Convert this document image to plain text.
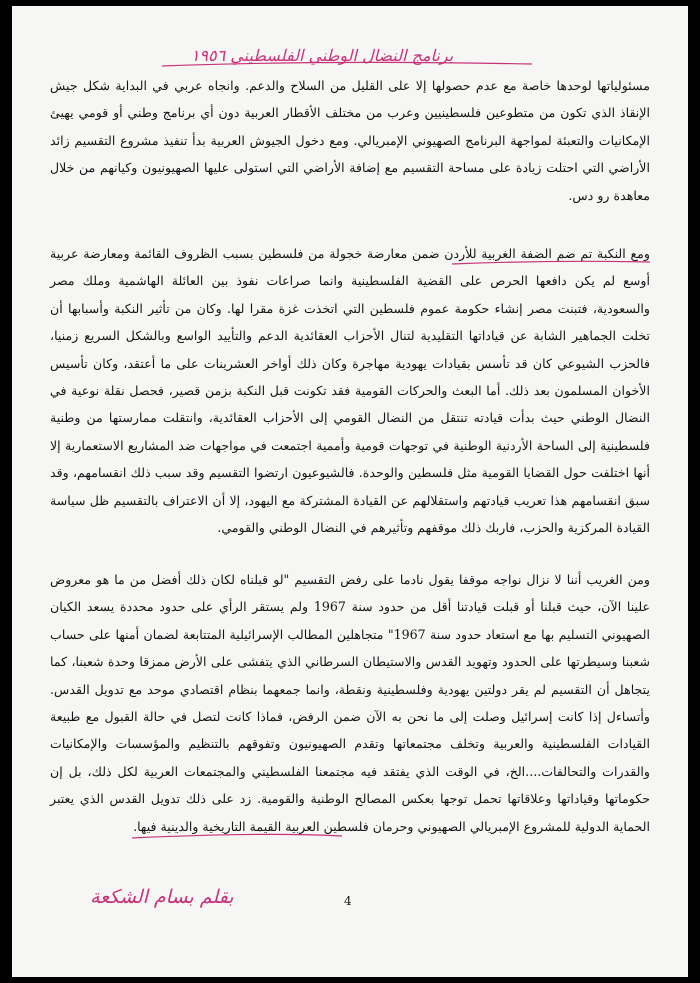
برنامج النضال الوطني الفلسطيني ١٩٥٦
مسئولياتها لوحدها خاصة مع عدم حصولها إلا على القليل من السلاح والدعم. وانجاه عربي في البداية شكل جيش الإنقاذ الذي تكون من متطوعين فلسطينيين وعرب من مختلف الأقطار العربية دون أي برنامج وطني أو قومي يهيئ الإمكانيات والتعبئة لمواجهة البرنامج الصهيوني الإمبريالي. ومع دخول الجيوش العربية بدأ تنفيذ مشروع التقسيم زائد الأراضي التي احتلت زيادة على مساحة التقسيم مع إضافة الأراضي التي استولى عليها الصهيونيون وكيانهم من خلال معاهدة رو دس.
ومع النكبة تم ضم الضفة الغربية للأردن ضمن معارضة خجولة من فلسطين بسبب الظروف القائمة ومعارضة عربية أوسع لم يكن دافعها الحرص على القضية الفلسطينية وانما صراعات نفوذ بين العائلة الهاشمية وملك مصر والسعودية، فتبنت مصر إنشاء حكومة عموم فلسطين التي اتخذت غزة مقرا لها. وكان من تأثير النكبة وأسبابها أن تخلت الجماهير الشابة عن قياداتها التقليدية لتنال الأحزاب العقائدية الدعم والتأييد الواسع وبالشكل السريع زمنيا، فالحزب الشيوعي كان قد تأسس بقيادات يهودية مهاجرة وكان ذلك أواخر العشرينات على ما أعتقد، وكان تأسيس الأخوان المسلمون بعد ذلك. أما البعث والحركات القومية فقد تكونت قبل النكبة بزمن قصير، فحصل نقلة نوعية في النضال الوطني حيث بدأت قيادته تنتقل من النضال القومي إلى الأحزاب العقائدية، وانتقلت ممارستها من وطنية فلسطينية إلى الساحة الأردنية الوطنية في توجهات قومية وأممية اجتمعت في مواجهات ضد المشاريع الاستعمارية إلا أنها اختلفت حول القضايا القومية مثل فلسطين والوحدة. فالشيوعيون ارتضوا التقسيم وقد سبب ذلك انقسامهم، وقد سبق انقسامهم هذا تعريب قيادتهم واستقلالهم عن القيادة المشتركة مع اليهود، إلا أن الاعتراف بالتقسيم ظل سياسة القيادة المركزية والحزب، فاربك ذلك موقفهم وتأثيرهم في النضال الوطني والقومي.
ومن الغريب أننا لا نزال نواجه موقفا يقول نادما على رفض التقسيم "لو قبلناه لكان ذلك أفضل من ما هو معروض علينا الآن، حيث قبلنا أو قبلت قيادتنا أقل من حدود سنة 1967 ولم يستقر الرأي على حدود محددة يسعد الكيان الصهيوني التسليم بها مع استعاد حدود سنة 1967" متجاهلين المطالب الإسرائيلية المتتابعة لضمان أمنها على حساب شعبنا وسيطرتها على الحدود وتهويد القدس والاستيطان السرطاني الذي يتفشى على الأرض ممزقا وحدة شعبنا، كما يتجاهل أن التقسيم لم يقر دولتين يهودية وفلسطينية ونقطة، وانما جمعهما بنظام اقتصادي موحد مع تدويل القدس. وأتساءل إذا كانت إسرائيل وصلت إلى ما نحن به الآن ضمن الرفض، فماذا كانت لتصل في حالة القبول مع طبيعة القيادات الفلسطينية والعربية وتخلف مجتمعاتها وتقدم الصهيونيون وتفوقهم بالتنظيم والمؤسسات والإمكانيات والقدرات والتحالفات....الخ، في الوقت الذي يفتقد فيه مجتمعنا الفلسطيني والمجتمعات العربية لكل ذلك، بل إن حكوماتها وقياداتها وعلاقاتها تحمل توجها بعكس المصالح الوطنية والقومية. زد على ذلك تدويل القدس الذي يعتبر الحماية الدولية للمشروع الإمبريالي الصهيوني وحرمان فلسطين العربية القيمة التاريخية والدينية فيها.
4
بقلم بسام الشكعة
